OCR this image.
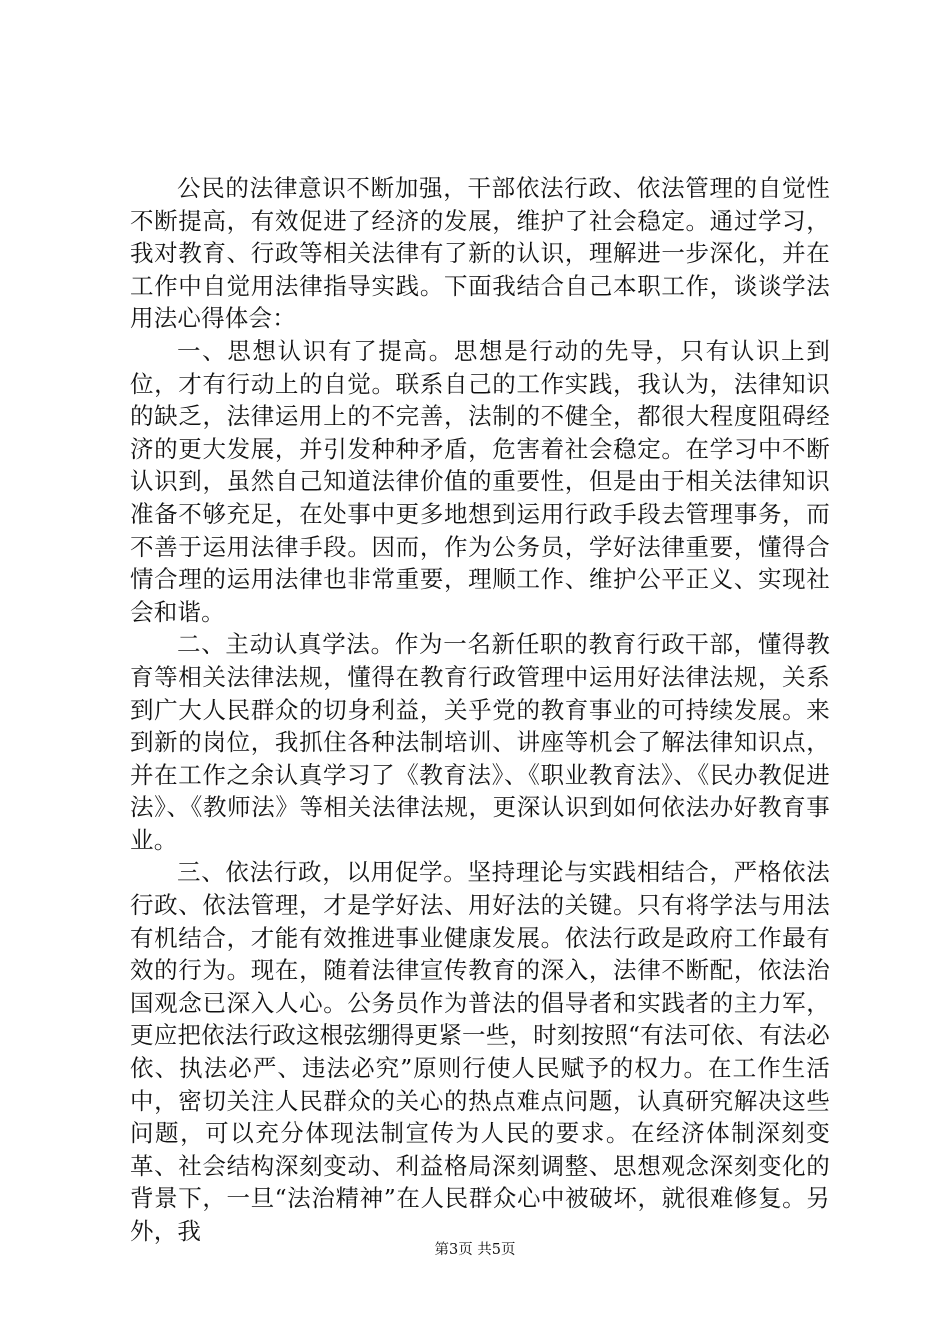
公民的法律意识不断加强，干部依法行政、依法管理的自觉性不断提高，有效促进了经济的发展，维护了社会稳定。通过学习，我对教育、行政等相关法律有了新的认识，理解进一步深化，并在工作中自觉用法律指导实践。下面我结合自己本职工作，谈谈学法用法心得体会：

一、思想认识有了提高。思想是行动的先导，只有认识上到位，才有行动上的自觉。联系自己的工作实践，我认为，法律知识的缺乏，法律运用上的不完善，法制的不健全，都很大程度阻碍经济的更大发展，并引发种种矛盾，危害着社会稳定。在学习中不断认识到，虽然自己知道法律价值的重要性，但是由于相关法律知识准备不够充足，在处事中更多地想到运用行政手段去管理事务，而不善于运用法律手段。因而，作为公务员，学好法律重要，懂得合情合理的运用法律也非常重要，理顺工作、维护公平正义、实现社会和谐。

二、主动认真学法。作为一名新任职的教育行政干部，懂得教育等相关法律法规，懂得在教育行政管理中运用好法律法规，关系到广大人民群众的切身利益，关乎党的教育事业的可持续发展。来到新的岗位，我抓住各种法制培训、讲座等机会了解法律知识点，并在工作之余认真学习了《教育法》、《职业教育法》、《民办教促进法》、《教师法》等相关法律法规，更深认识到如何依法办好教育事业。

三、依法行政，以用促学。坚持理论与实践相结合，严格依法行政、依法管理，才是学好法、用好法的关键。只有将学法与用法有机结合，才能有效推进事业健康发展。依法行政是政府工作最有效的行为。现在，随着法律宣传教育的深入，法律不断配，依法治国观念已深入人心。公务员作为普法的倡导者和实践者的主力军，更应把依法行政这根弦绷得更紧一些，时刻按照“有法可依、有法必依、执法必严、违法必究”原则行使人民赋予的权力。在工作生活中，密切关注人民群众的关心的热点难点问题，认真研究解决这些问题，可以充分体现法制宣传为人民的要求。在经济体制深刻变革、社会结构深刻变动、利益格局深刻调整、思想观念深刻变化的背景下，一旦“法治精神”在人民群众心中被破坏，就很难修复。另外，我

第3页 共5页
